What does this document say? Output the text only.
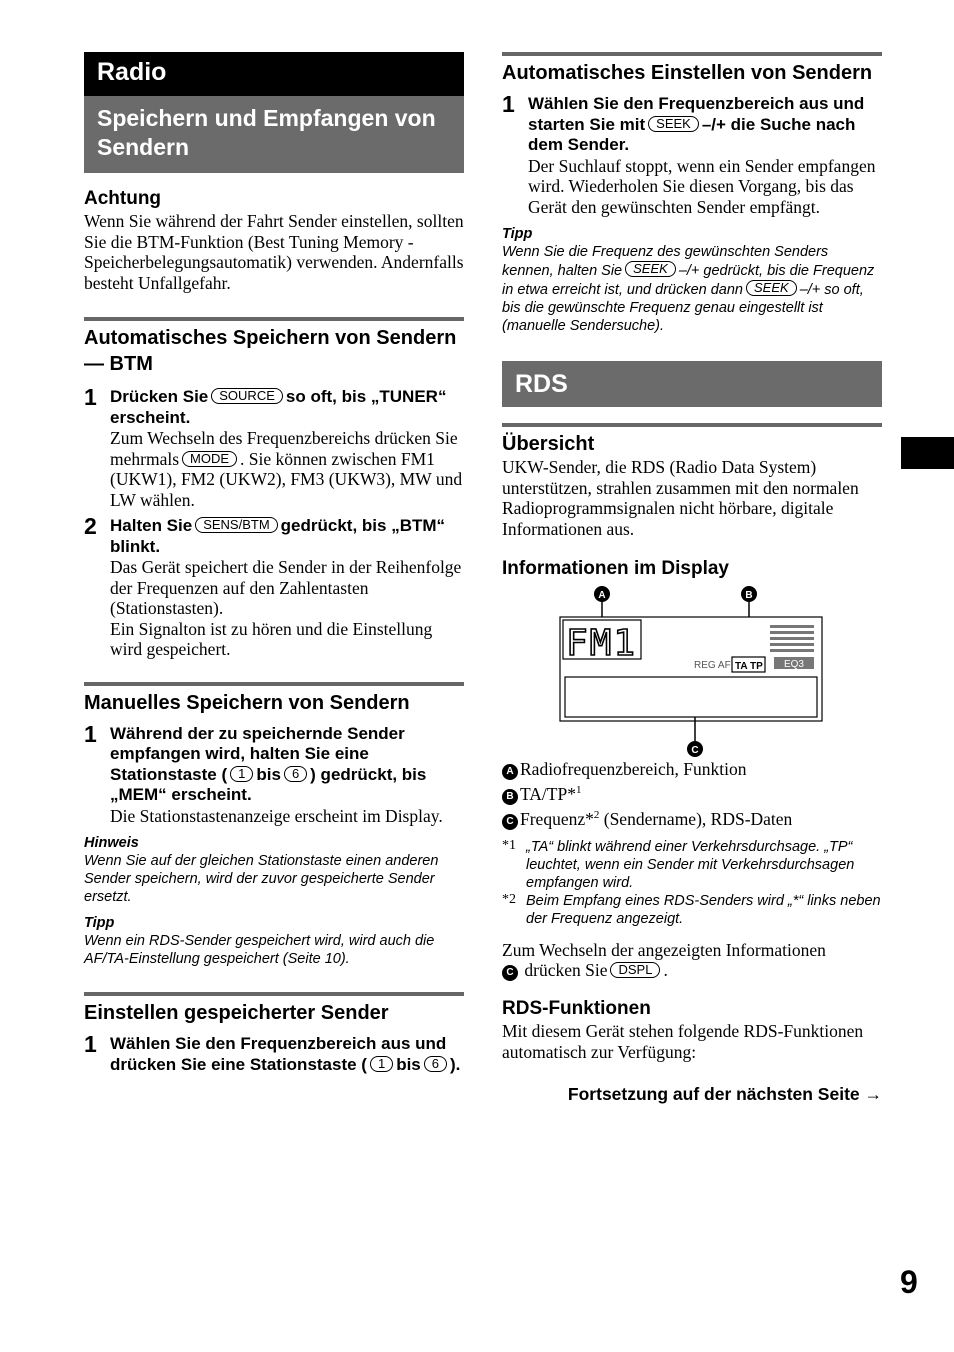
Radio
Speichern und Empfangen von Sendern

Achtung

Wenn Sie während der Fahrt Sender einstellen, sollten Sie die BTM-Funktion (Best Tuning Memory - Speicherbelegungsautomatik) verwenden. Andernfalls besteht Unfallgefahr.

Automatisches Speichern von Sendern — BTM

1 Drücken Sie SOURCE so oft, bis „TUNER“ erscheint.

Zum Wechseln des Frequenzbereichs drücken Sie mehrmals MODE . Sie können zwischen FM1 (UKW1), FM2 (UKW2), FM3 (UKW3), MW und LW wählen.

2 Halten Sie SENS/BTM gedrückt, bis „BTM“ blinkt.

Das Gerät speichert die Sender in der Reihenfolge der Frequenzen auf den Zahlentasten (Stationstasten).

Ein Signalton ist zu hören und die Einstellung wird gespeichert.

Manuelles Speichern von Sendern

1 Während der zu speichernde Sender empfangen wird, halten Sie eine Stationstaste ( 1 bis 6 ) gedrückt, bis „MEM“ erscheint.

Die Stationstastenanzeige erscheint im Display.

Hinweis

Wenn Sie auf der gleichen Stationstaste einen anderen Sender speichern, wird der zuvor gespeicherte Sender ersetzt.

Tipp

Wenn ein RDS-Sender gespeichert wird, wird auch die AF/TA-Einstellung gespeichert (Seite 10).

Einstellen gespeicherter Sender

1 Wählen Sie den Frequenzbereich aus und drücken Sie eine Stationstaste ( 1 bis 6 ).

Automatisches Einstellen von Sendern

1 Wählen Sie den Frequenzbereich aus und starten Sie mit SEEK –/+ die Suche nach dem Sender.

Der Suchlauf stoppt, wenn ein Sender empfangen wird. Wiederholen Sie diesen Vorgang, bis das Gerät den gewünschten Sender empfängt.

Tipp

Wenn Sie die Frequenz des gewünschten Senders kennen, halten Sie SEEK –/+ gedrückt, bis die Frequenz in etwa erreicht ist, und drücken dann SEEK –/+ so oft, bis die gewünschte Frequenz genau eingestellt ist (manuelle Sendersuche).

RDS

Übersicht

UKW-Sender, die RDS (Radio Data System) unterstützen, strahlen zusammen mit den normalen Radioprogrammsignalen nicht hörbare, digitale Informationen aus.

Informationen im Display

A	B
FM1
REG AF TA TP EQ3
C

A Radiofrequenzbereich, Funktion

B TA/TP*$^1$

C Frequenz*$^2$ (Sendername), RDS-Daten

*1 „TA“ blinkt während einer Verkehrsdurchsage. „TP“ leuchtet, wenn ein Sender mit Verkehrsdurchsagen empfangen wird.

*2 Beim Empfang eines RDS-Senders wird „*“ links neben der Frequenz angezeigt.

Zum Wechseln der angezeigten Informationen
C drücken Sie DSPL .

RDS-Funktionen

Mit diesem Gerät stehen folgende RDS-Funktionen automatisch zur Verfügung:

Fortsetzung auf der nächsten Seite →

9
